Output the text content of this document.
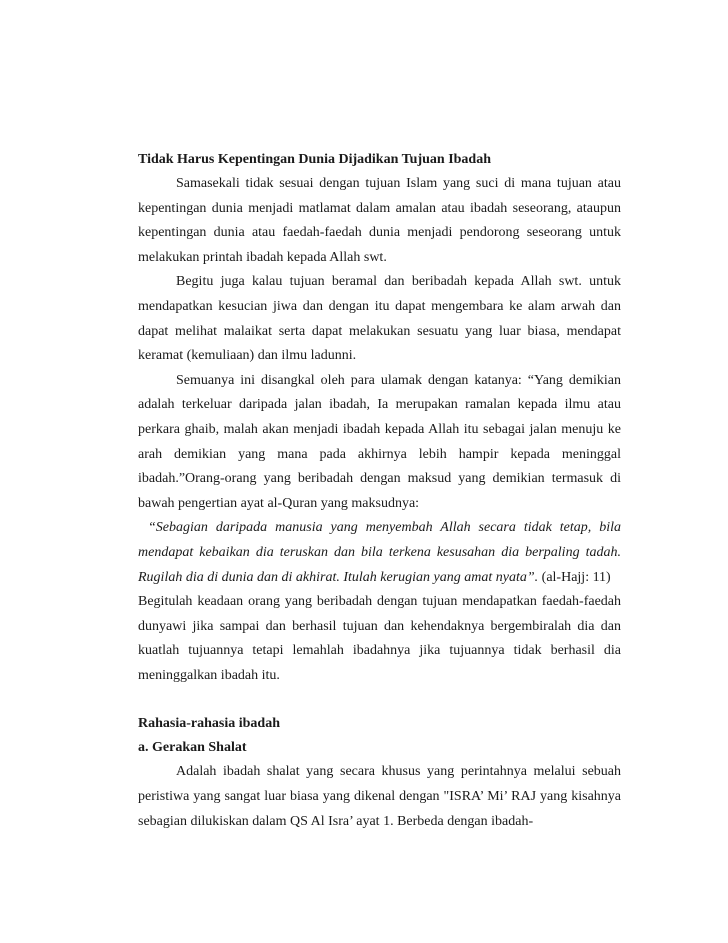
Tidak Harus Kepentingan Dunia Dijadikan Tujuan Ibadah

Samasekali tidak sesuai dengan tujuan Islam yang suci di mana tujuan atau kepentingan dunia menjadi matlamat dalam amalan atau ibadah seseorang, ataupun kepentingan dunia atau faedah-faedah dunia menjadi pendorong seseorang untuk melakukan printah ibadah kepada Allah swt.

Begitu juga kalau tujuan beramal dan beribadah kepada Allah swt. untuk mendapatkan kesucian jiwa dan dengan itu dapat mengembara ke alam arwah dan dapat melihat malaikat serta dapat melakukan sesuatu yang luar biasa, mendapat keramat (kemuliaan) dan ilmu ladunni.

Semuanya ini disangkal oleh para ulamak dengan katanya: “Yang demikian adalah terkeluar daripada jalan ibadah, Ia merupakan ramalan kepada ilmu atau perkara ghaib, malah akan menjadi ibadah kepada Allah itu sebagai jalan menuju ke arah demikian yang mana pada akhirnya lebih hampir kepada meninggal ibadah.”Orang-orang yang beribadah dengan maksud yang demikian termasuk di bawah pengertian ayat al-Quran yang maksudnya:

“Sebagian daripada manusia yang menyembah Allah secara tidak tetap, bila mendapat kebaikan dia teruskan dan bila terkena kesusahan dia berpaling tadah. Rugilah dia di dunia dan di akhirat. Itulah kerugian yang amat nyata”. (al-Hajj: 11)

Begitulah keadaan orang yang beribadah dengan tujuan mendapatkan faedah-faedah dunyawi jika sampai dan berhasil tujuan dan kehendaknya bergembiralah dia dan kuatlah tujuannya tetapi lemahlah ibadahnya jika tujuannya tidak berhasil dia meninggalkan ibadah itu.

Rahasia-rahasia ibadah

a. Gerakan Shalat

Adalah ibadah shalat yang secara khusus yang perintahnya melalui sebuah peristiwa yang sangat luar biasa yang dikenal dengan "ISRA’ Mi’ RAJ yang kisahnya sebagian dilukiskan dalam QS Al Isra’ ayat 1. Berbeda dengan ibadah-
